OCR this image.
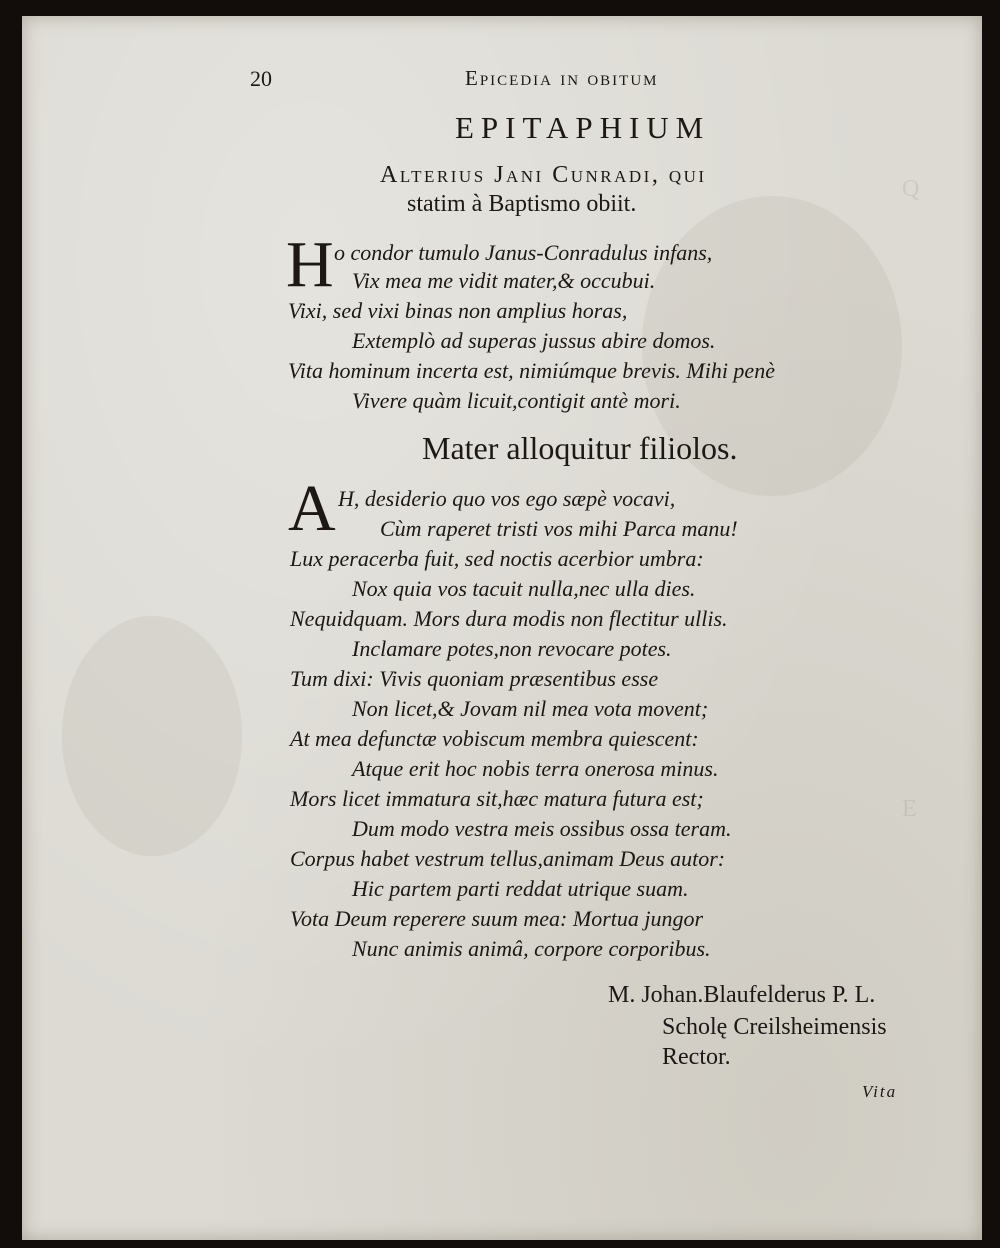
Q
E
20	Epicedia in obitum
EPITAPHIUM
Alterius Jani Cunradi, qui
statim à Baptismo obiit.
H o condor tumulo Janus-Conradulus infans,
Vix mea me vidit mater,& occubui.
Vixi, sed vixi binas non amplius horas,
Extemplò ad superas jussus abire domos.
Vita hominum incerta est, nimiúmque brevis. Mihi penè
Vivere quàm licuit,contigit antè mori.
Mater alloquitur filiolos.
A H, desiderio quo vos ego sæpè vocavi,
Cùm raperet tristi vos mihi Parca manu!
Lux peracerba fuit, sed noctis acerbior umbra:
Nox quia vos tacuit nulla,nec ulla dies.
Nequidquam. Mors dura modis non flectitur ullis.
Inclamare potes,non revocare potes.
Tum dixi: Vivis quoniam præsentibus esse
Non licet,& Jovam nil mea vota movent;
At mea defunctæ vobiscum membra quiescent:
Atque erit hoc nobis terra onerosa minus.
Mors licet immatura sit,hæc matura futura est;
Dum modo vestra meis ossibus ossa teram.
Corpus habet vestrum tellus,animam Deus autor:
Hic partem parti reddat utrique suam.
Vota Deum reperere suum mea: Mortua jungor
Nunc animis animâ, corpore corporibus.
M. Johan.Blaufelderus P. L.
Scholę Creilsheimensis
Rector.
Vita
